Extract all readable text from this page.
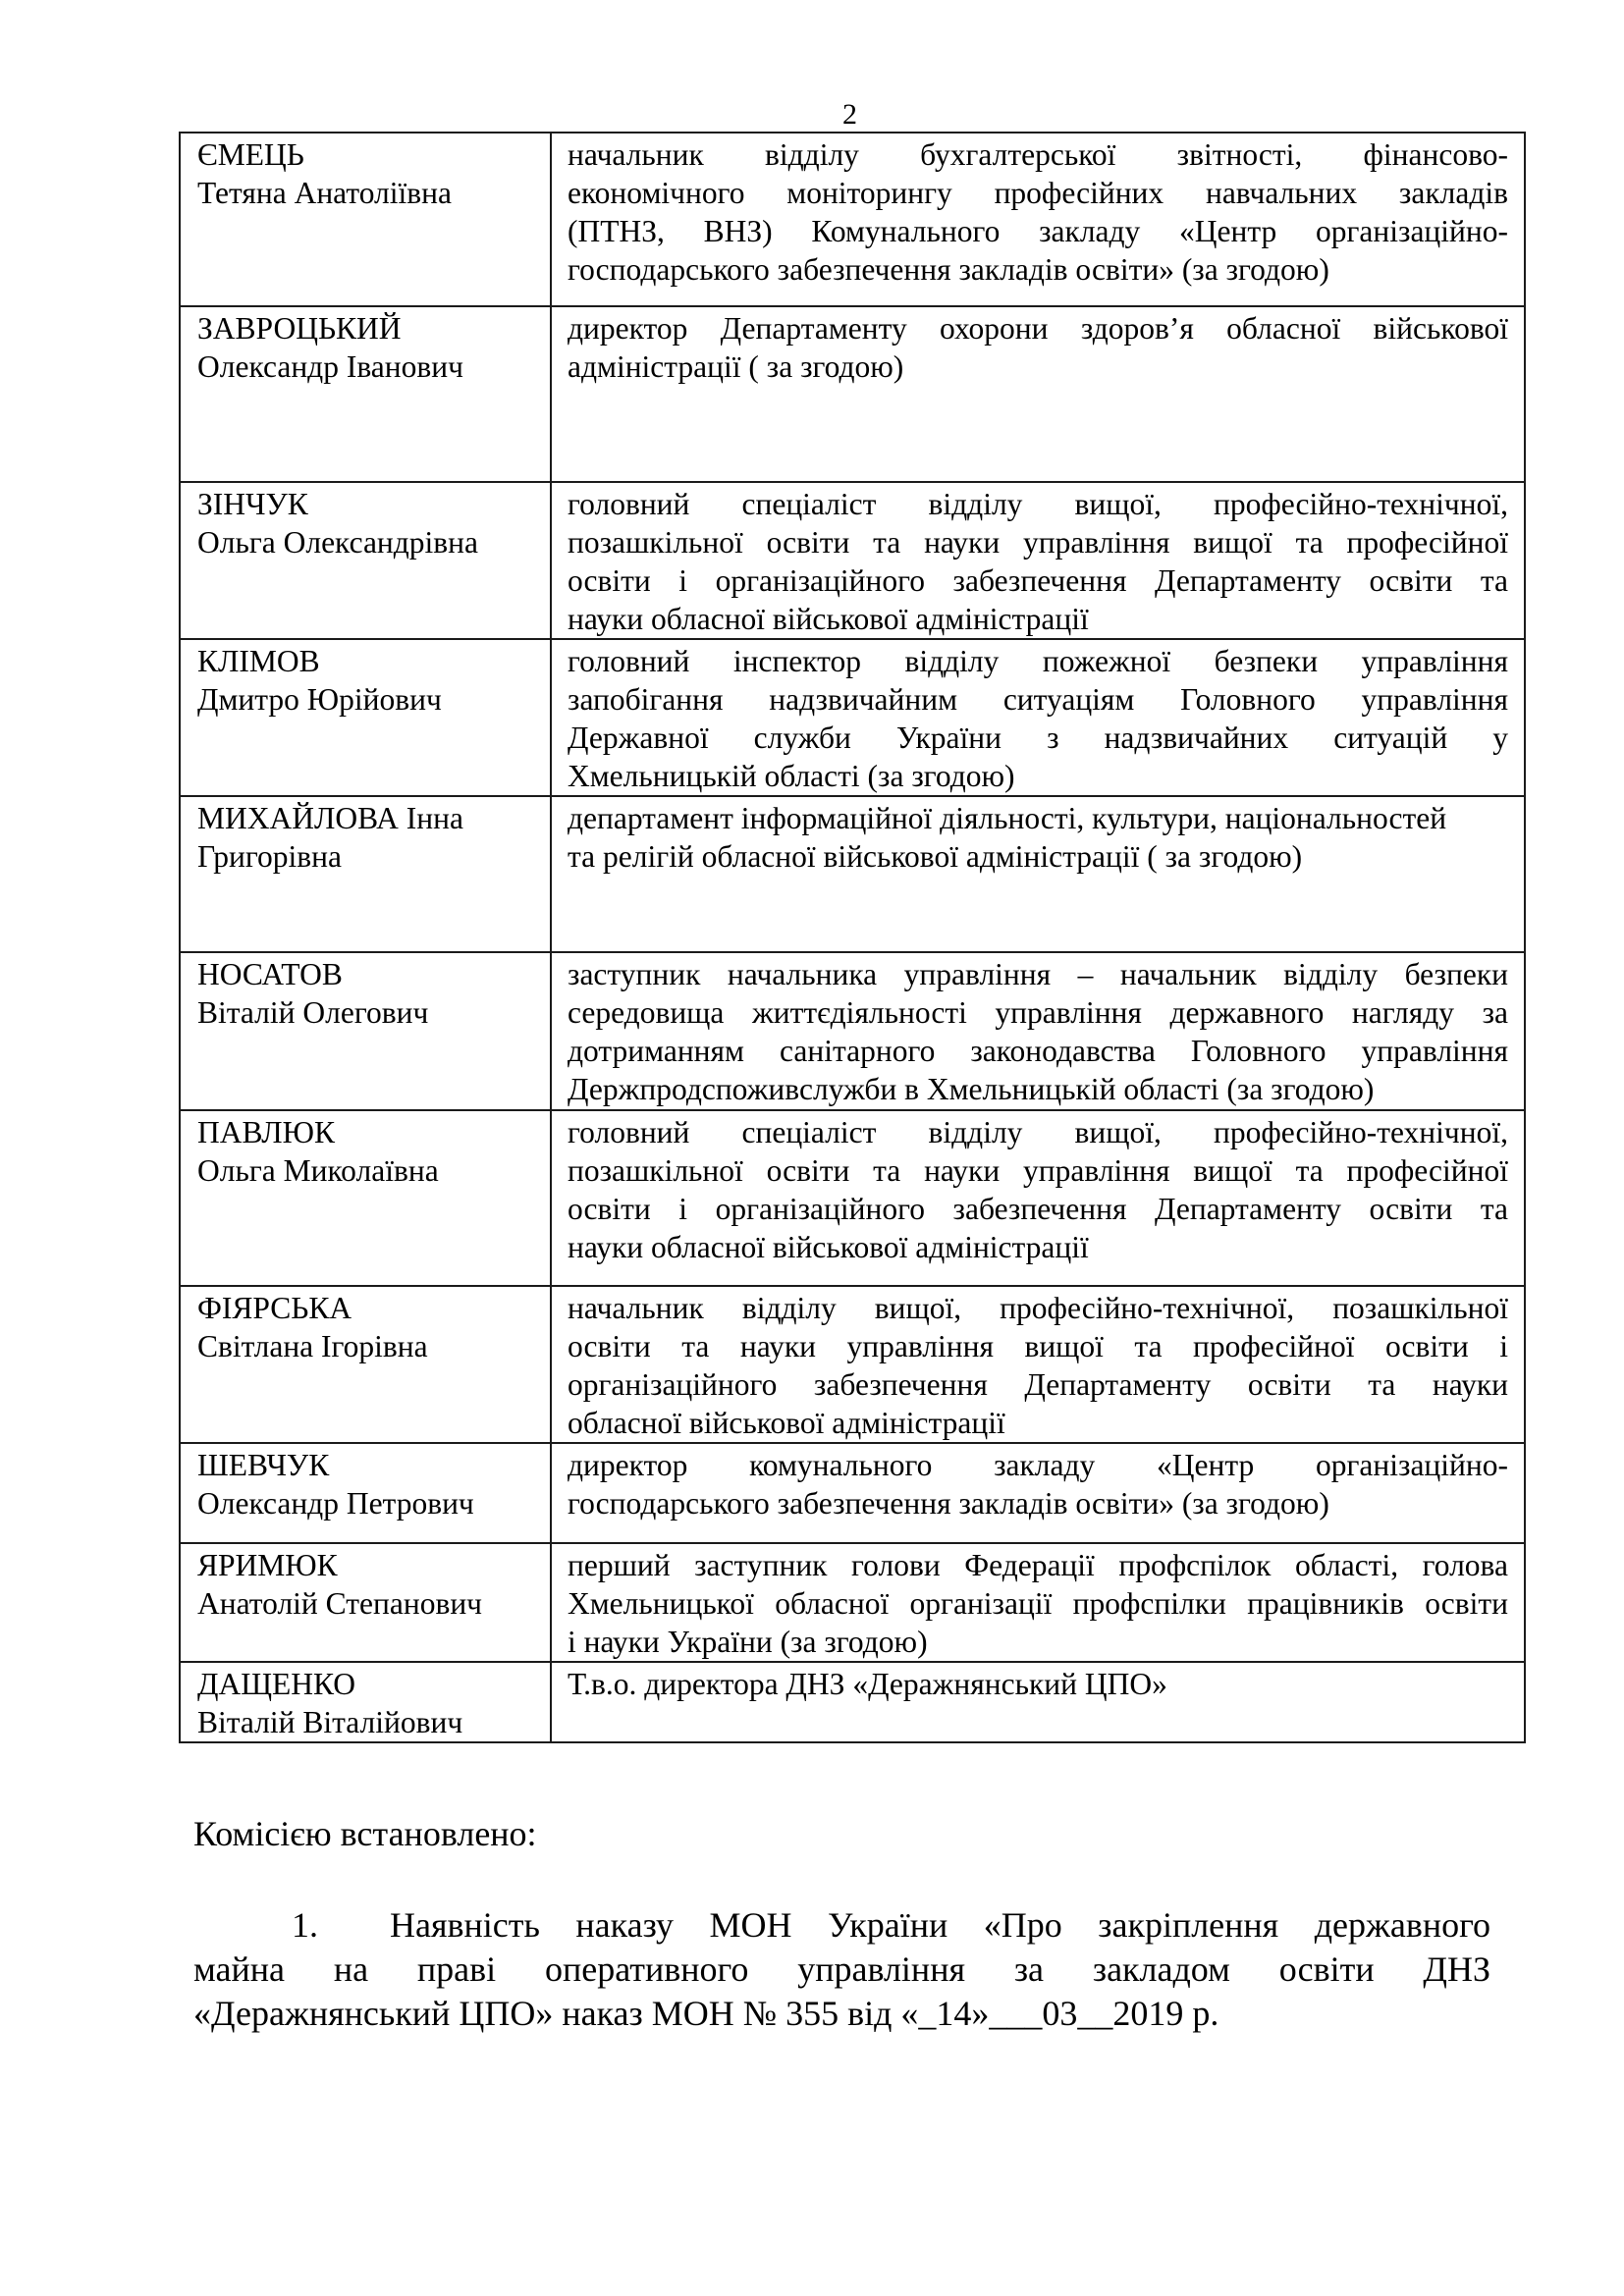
2
ЄМЕЦЬ
Тетяна Анатоліївна	начальник відділу бухгалтерської звітності, фінансово-
економічного моніторингу професійних навчальних закладів
(ПТНЗ, ВНЗ) Комунального закладу «Центр організаційно-
господарського забезпечення закладів освіти» (за згодою)

ЗАВРОЦЬКИЙ
Олександр Іванович	директор Департаменту охорони здоров’я обласної військової
адміністрації ( за згодою)

ЗІНЧУК
Ольга Олександрівна	головний спеціаліст відділу вищої, професійно-технічної,
позашкільної освіти та науки управління вищої та професійної
освіти і організаційного забезпечення Департаменту освіти та
науки обласної військової адміністрації

КЛІМОВ
Дмитро Юрійович	головний інспектор відділу пожежної безпеки управління
запобігання надзвичайним ситуаціям Головного управління
Державної служби України з надзвичайних ситуацій у
Хмельницькій області (за згодою)

МИХАЙЛОВА Інна
Григорівна	департамент інформаційної діяльності, культури, національностей
та релігій обласної військової адміністрації ( за згодою)

НОСАТОВ
Віталій Олегович	заступник начальника управління – начальник відділу безпеки
середовища життєдіяльності управління державного нагляду за
дотриманням санітарного законодавства Головного управління
Держпродспоживслужби в Хмельницькій області (за згодою)

ПАВЛЮК
Ольга Миколаївна	головний спеціаліст відділу вищої, професійно-технічної,
позашкільної освіти та науки управління вищої та професійної
освіти і організаційного забезпечення Департаменту освіти та
науки обласної військової адміністрації

ФІЯРСЬКА
Світлана Ігорівна	начальник відділу вищої, професійно-технічної, позашкільної
освіти та науки управління вищої та професійної освіти і
організаційного забезпечення Департаменту освіти та науки
обласної військової адміністрації

ШЕВЧУК
Олександр Петрович	директор комунального закладу «Центр організаційно-
господарського забезпечення закладів освіти» (за згодою)

ЯРИМЮК
Анатолій Степанович	перший заступник голови Федерації профспілок області, голова
Хмельницької обласної організації профспілки працівників освіти
і науки України (за згодою)

ДАЩЕНКО
Віталій Віталійович	Т.в.о. директора ДНЗ «Деражнянський ЦПО»
Комісією встановлено:
1.	Наявність наказу МОН України «Про закріплення державного
майна на праві оперативного управління за закладом освіти ДНЗ
«Деражнянський ЦПО» наказ МОН № 355 від «_14»___03__2019 р.
